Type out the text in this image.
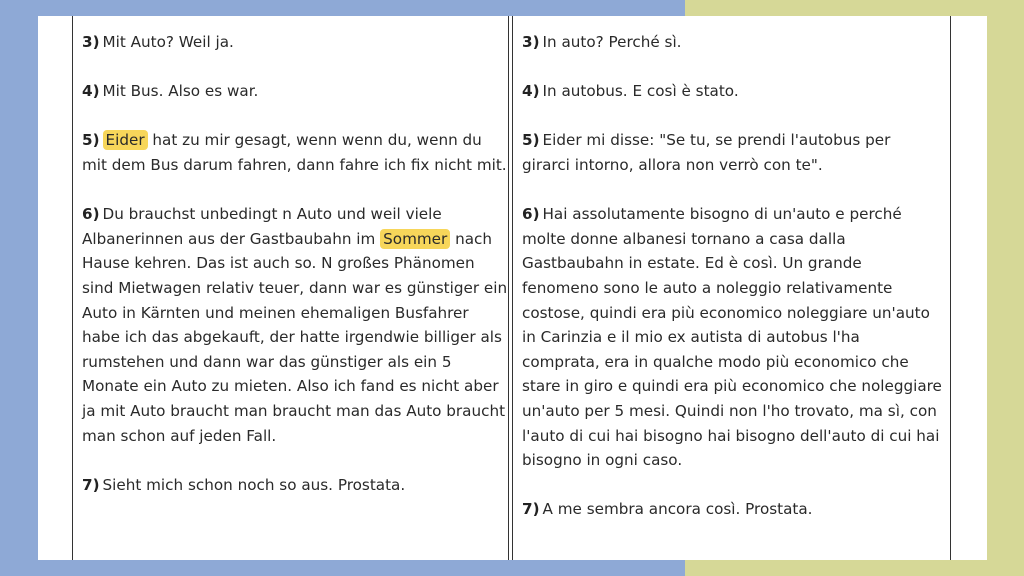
3) Mit Auto? Weil ja.

4) Mit Bus. Also es war.

5) Eider hat zu mir gesagt, wenn wenn du, wenn du mit dem Bus darum fahren, dann fahre ich fix nicht mit.

6) Du brauchst unbedingt n Auto und weil viele Albanerinnen aus der Gastbaubahn im Sommer nach Hause kehren. Das ist auch so. N großes Phänomen sind Mietwagen relativ teuer, dann war es günstiger ein Auto in Kärnten und meinen ehemaligen Busfahrer habe ich das abgekauft, der hatte irgendwie billiger als rumstehen und dann war das günstiger als ein 5 Monate ein Auto zu mieten. Also ich fand es nicht aber ja mit Auto braucht man braucht man das Auto braucht man schon auf jeden Fall.

7) Sieht mich schon noch so aus. Prostata.

3) In auto? Perché sì.

4) In autobus. E così è stato.

5) Eider mi disse: "Se tu, se prendi l'autobus per girarci intorno, allora non verrò con te".

6) Hai assolutamente bisogno di un'auto e perché molte donne albanesi tornano a casa dalla Gastbaubahn in estate. Ed è così. Un grande fenomeno sono le auto a noleggio relativamente costose, quindi era più economico noleggiare un'auto in Carinzia e il mio ex autista di autobus l'ha comprata, era in qualche modo più economico che stare in giro e quindi era più economico che noleggiare un'auto per 5 mesi. Quindi non l'ho trovato, ma sì, con l'auto di cui hai bisogno hai bisogno dell'auto di cui hai bisogno in ogni caso.

7) A me sembra ancora così. Prostata.
